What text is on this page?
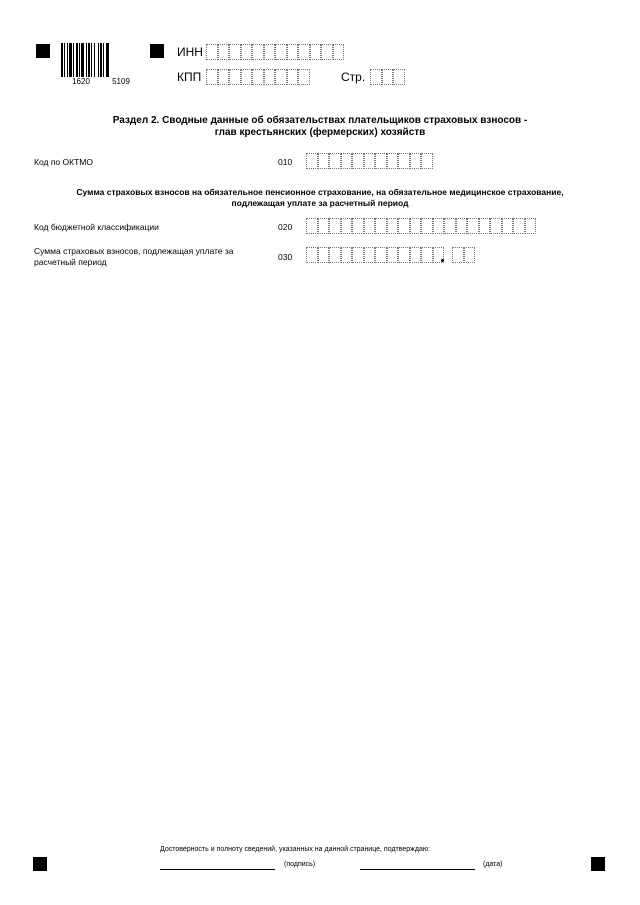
1620	5109
ИНН
КПП	Стр.
Раздел 2. Сводные данные об обязательствах плательщиков страховых взносов -
глав крестьянских (фермерских) хозяйств
Код по ОКТМО	010
Сумма страховых взносов на обязательное пенсионное страхование, на обязательное медицинское страхование,
подлежащая уплате за расчетный период
Код бюджетной классификации	020
Сумма страховых взносов, подлежащая уплате за
расчетный период	030
Достоверность и полноту сведений, указанных на данной странице, подтверждаю:
(подпись)	(дата)
